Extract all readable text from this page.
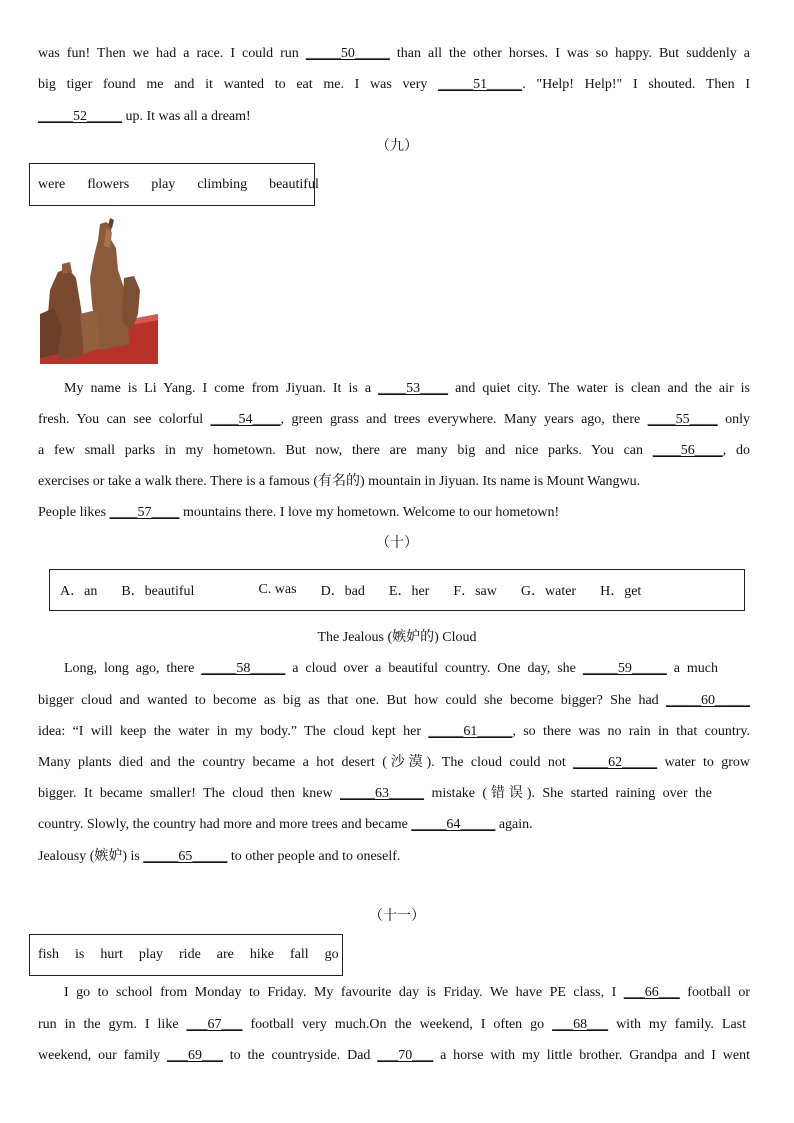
was fun! Then we had a race. I could run _____50_____ than all the other horses. I was so happy. But suddenly a
big tiger found me and it wanted to eat me. I was very _____51_____. "Help! Help!" I shouted. Then I
_____52_____ up. It was all a dream!
（九）
were flowers play climbing beautiful
My name is Li Yang. I come from Jiyuan. It is a ____53____ and quiet city. The water is clean and the air is
fresh. You can see colorful ____54____, green grass and trees everywhere. Many years ago, there ____55____ only
a few small parks in my hometown. But now, there are many big and nice parks. You can ____56____, do
exercises or take a walk there. There is a famous (有名的) mountain in Jiyuan. Its name is Mount Wangwu.
People likes ____57____ mountains there. I love my hometown. Welcome to our hometown!
（十）
A．an B．beautiful	C. was D．bad E．her F．saw G．water H．get
The Jealous (嫉妒的) Cloud
Long, long ago, there _____58_____ a cloud over a beautiful country. One day, she _____59_____ a much
bigger cloud and wanted to become as big as that one. But how could she become bigger? She had _____60_____
idea: “I will keep the water in my body.” The cloud kept her _____61_____, so there was no rain in that country.
Many plants died and the country became a hot desert (沙漠). The cloud could not _____62_____ water to grow
bigger. It became smaller! The cloud then knew _____63_____ mistake (错误). She started raining over the
country. Slowly, the country had more and more trees and became _____64_____ again.
Jealousy (嫉妒) is _____65_____ to other people and to oneself.
（十一）
fish is hurt play ride are hike fall go
I go to school from Monday to Friday. My favourite day is Friday. We have PE class, I ___66___ football or
run in the gym. I like ___67___ football very much.On the weekend, I often go ___68___ with my family. Last
weekend, our family ___69___ to the countryside. Dad ___70___ a horse with my little brother. Grandpa and I went
